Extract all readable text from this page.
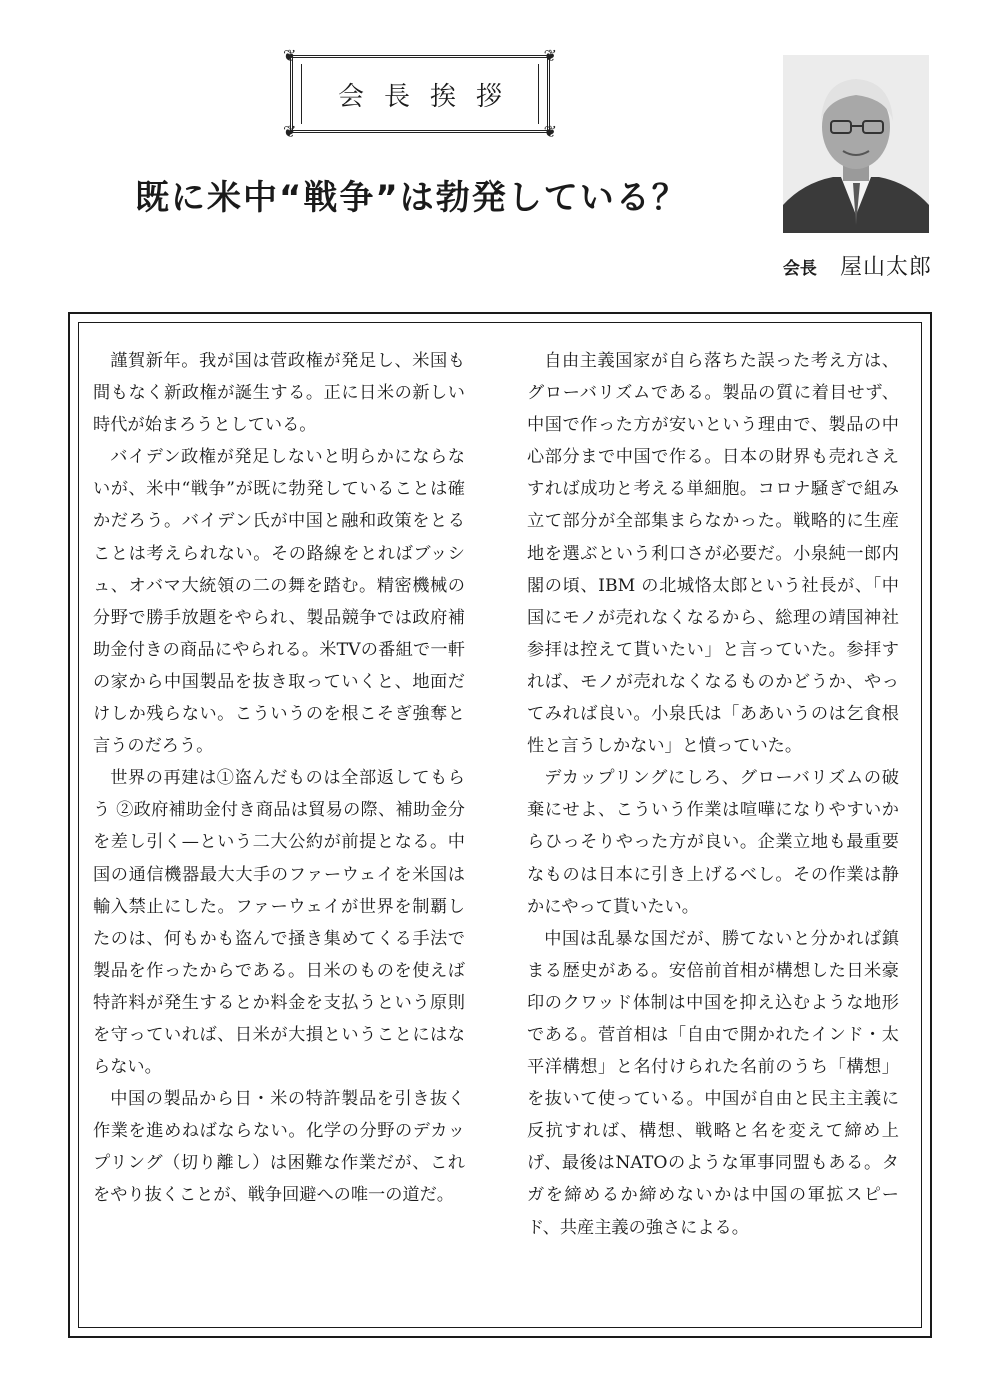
❦	❦
❦	❦
会長挨拶
既に米中“戦争”は勃発している？
会長 屋山太郎

謹賀新年。我が国は菅政権が発足し、米国も間もなく新政権が誕生する。正に日米の新しい時代が始まろうとしている。

バイデン政権が発足しないと明らかにならないが、米中“戦争”が既に勃発していることは確かだろう。バイデン氏が中国と融和政策をとることは考えられない。その路線をとればブッシュ、オバマ大統領の二の舞を踏む。精密機械の分野で勝手放題をやられ、製品競争では政府補助金付きの商品にやられる。米TVの番組で一軒の家から中国製品を抜き取っていくと、地面だけしか残らない。こういうのを根こそぎ強奪と言うのだろう。

世界の再建は①盗んだものは全部返してもらう ②政府補助金付き商品は貿易の際、補助金分を差し引く—という二大公約が前提となる。中国の通信機器最大大手のファーウェイを米国は輸入禁止にした。ファーウェイが世界を制覇したのは、何もかも盗んで掻き集めてくる手法で製品を作ったからである。日米のものを使えば特許料が発生するとか料金を支払うという原則を守っていれば、日米が大損ということにはならない。

中国の製品から日・米の特許製品を引き抜く作業を進めねばならない。化学の分野のデカップリング（切り離し）は困難な作業だが、これをやり抜くことが、戦争回避への唯一の道だ。

自由主義国家が自ら落ちた誤った考え方は、グローバリズムである。製品の質に着目せず、中国で作った方が安いという理由で、製品の中心部分まで中国で作る。日本の財界も売れさえすれば成功と考える単細胞。コロナ騒ぎで組み立て部分が全部集まらなかった。戦略的に生産地を選ぶという利口さが必要だ。小泉純一郎内閣の頃、IBM の北城恪太郎という社長が、「中国にモノが売れなくなるから、総理の靖国神社参拝は控えて貰いたい」と言っていた。参拝すれば、モノが売れなくなるものかどうか、やってみれば良い。小泉氏は「ああいうのは乞食根性と言うしかない」と憤っていた。

デカップリングにしろ、グローバリズムの破棄にせよ、こういう作業は喧嘩になりやすいからひっそりやった方が良い。企業立地も最重要なものは日本に引き上げるべし。その作業は静かにやって貰いたい。

中国は乱暴な国だが、勝てないと分かれば鎮まる歴史がある。安倍前首相が構想した日米豪印のクワッド体制は中国を抑え込むような地形である。菅首相は「自由で開かれたインド・太平洋構想」と名付けられた名前のうち「構想」を抜いて使っている。中国が自由と民主主義に反抗すれば、構想、戦略と名を変えて締め上げ、最後はNATOのような軍事同盟もある。タガを締めるか締めないかは中国の軍拡スピード、共産主義の強さによる。
